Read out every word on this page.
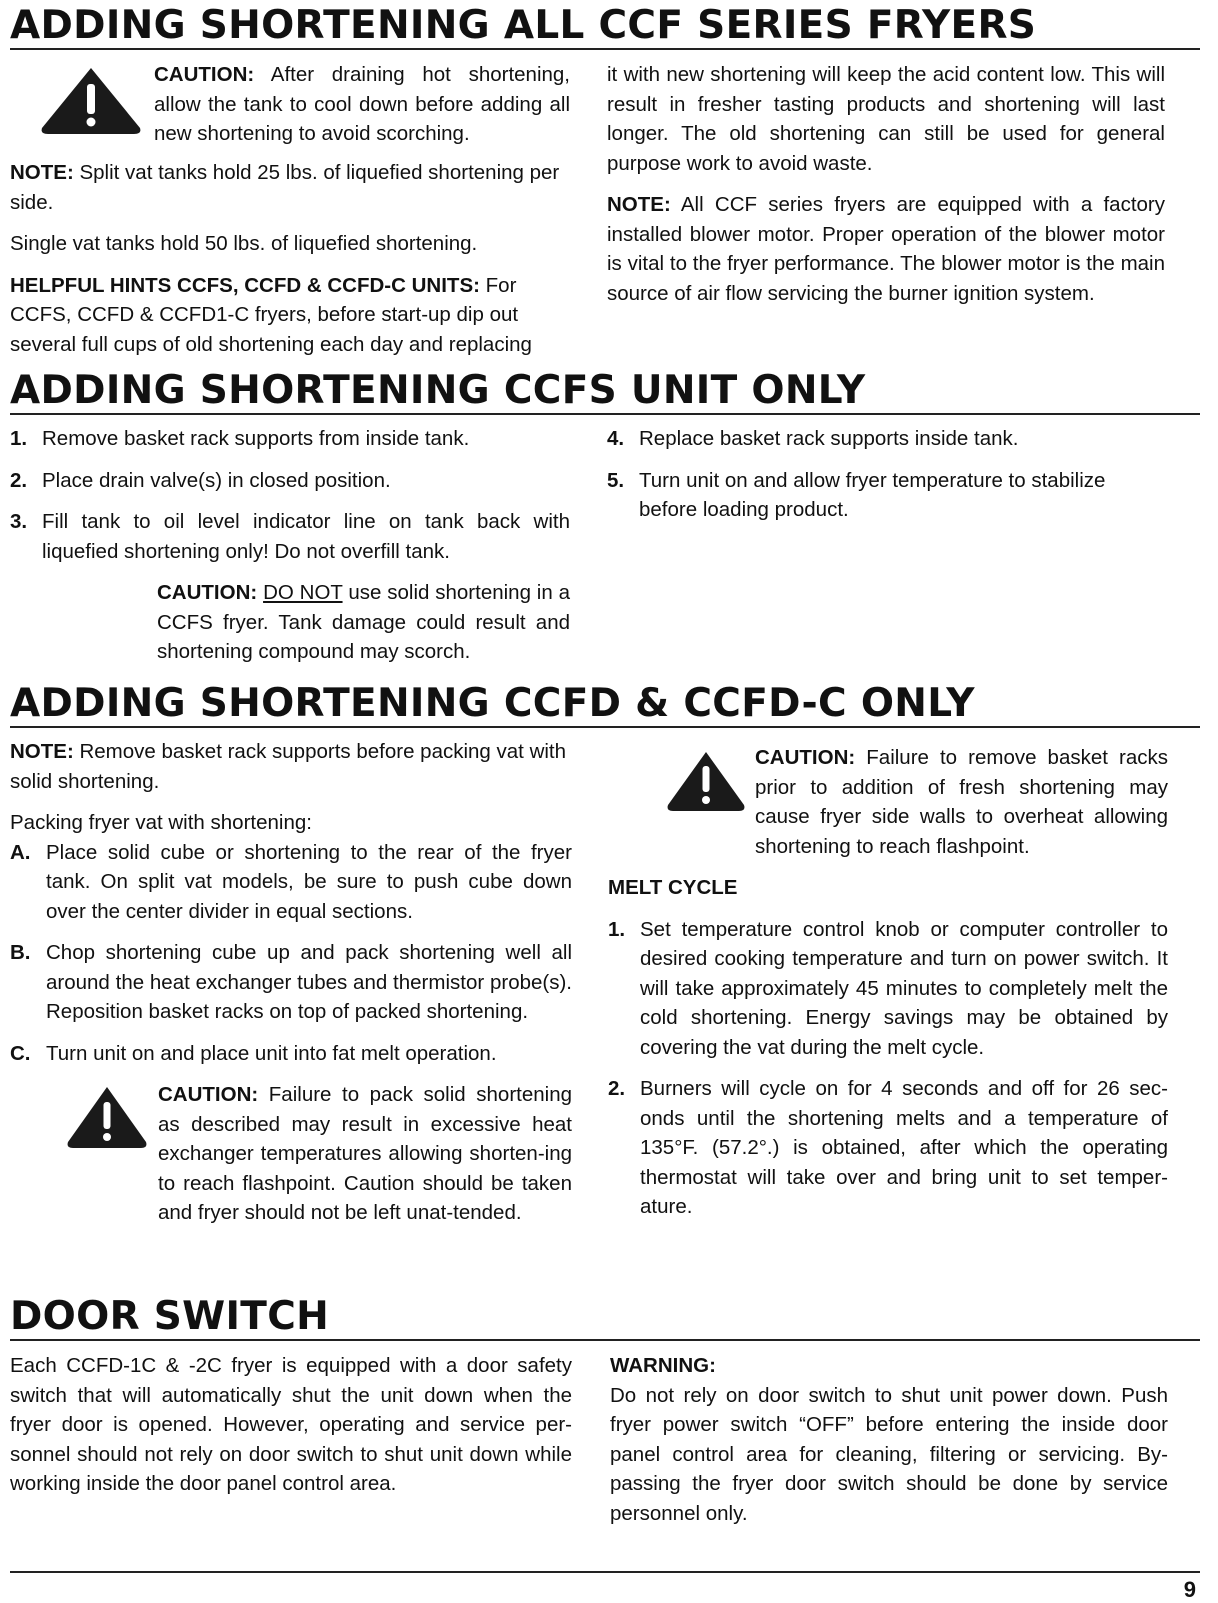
ADDING SHORTENING ALL CCF SERIES FRYERS

CAUTION: After draining hot shortening, allow the tank to cool down before adding all new shortening to avoid scorching.

NOTE: Split vat tanks hold 25 lbs. of liquefied shortening per side.

Single vat tanks hold 50 lbs. of liquefied shortening.

HELPFUL HINTS CCFS, CCFD & CCFD-C UNITS: For CCFS, CCFD & CCFD1-C fryers, before start-up dip out several full cups of old shortening each day and replacing

it with new shortening will keep the acid content low. This will result in fresher tasting products and shortening will last longer. The old shortening can still be used for general purpose work to avoid waste.

NOTE: All CCF series fryers are equipped with a factory installed blower motor. Proper operation of the blower motor is vital to the fryer performance. The blower motor is the main source of air flow servicing the burner ignition system.

ADDING SHORTENING CCFS UNIT ONLY
1. Remove basket rack supports from inside tank.
2. Place drain valve(s) in closed position.
3. Fill tank to oil level indicator line on tank back with liquefied shortening only! Do not overfill tank.

CAUTION: DO NOT use solid shortening in a CCFS fryer. Tank damage could result and shortening compound may scorch.

4. Replace basket rack supports inside tank.
5. Turn unit on and allow fryer temperature to stabilize before loading product.
ADDING SHORTENING CCFD & CCFD-C ONLY

NOTE: Remove basket rack supports before packing vat with solid shortening.

Packing fryer vat with shortening:

A. Place solid cube or shortening to the rear of the fryer tank. On split vat models, be sure to push cube down over the center divider in equal sections.
B. Chop shortening cube up and pack shortening well all around the heat exchanger tubes and thermistor probe(s). Reposition basket racks on top of packed shortening.
C. Turn unit on and place unit into fat melt operation.

CAUTION: Failure to pack solid shortening as described may result in excessive heat exchanger temperatures allowing shorten-ing to reach flashpoint. Caution should be taken and fryer should not be left unat-tended.

CAUTION: Failure to remove basket racks prior to addition of fresh shortening may cause fryer side walls to overheat allowing shortening to reach flashpoint.

MELT CYCLE

1. Set temperature control knob or computer controller to desired cooking temperature and turn on power switch. It will take approximately 45 minutes to completely melt the cold shortening. Energy savings may be obtained by covering the vat during the melt cycle.
2. Burners will cycle on for 4 seconds and off for 26 sec-onds until the shortening melts and a temperature of 135°F. (57.2°.) is obtained, after which the operating thermostat will take over and bring unit to set temper-ature.
DOOR SWITCH

Each CCFD-1C & -2C fryer is equipped with a door safety switch that will automatically shut the unit down when the fryer door is opened. However, operating and service per-sonnel should not rely on door switch to shut unit down while working inside the door panel control area.

WARNING:

Do not rely on door switch to shut unit power down. Push fryer power switch “OFF” before entering the inside door panel control area for cleaning, filtering or servicing. By-passing the fryer door switch should be done by service personnel only.

9
